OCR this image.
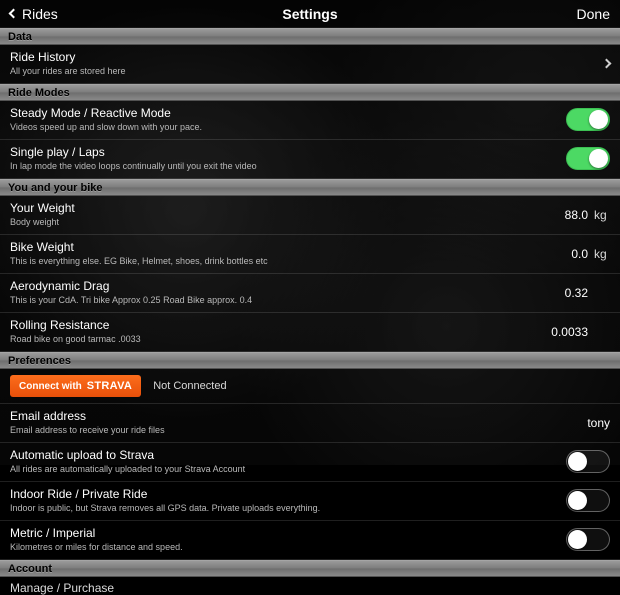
Rides	Settings	Done
Data
Ride History
All your rides are stored here
Ride Modes
Steady Mode / Reactive Mode
Videos speed up and slow down with your pace.
Single play / Laps
In lap mode the video loops continually until you exit the video
You and your bike
Your Weight
Body weight
88.0 kg
Bike Weight
This is everything else. EG Bike, Helmet, shoes, drink bottles etc
0.0 kg
Aerodynamic Drag
This is your CdA. Tri bike Approx 0.25 Road Bike approx. 0.4
0.32
Rolling Resistance
Road bike on good tarmac .0033
0.0033
Preferences
Connect with STRAVA Not Connected
Email address
Email address to receive your ride files
tony
Automatic upload to Strava
All rides are automatically uploaded to your Strava Account
Indoor Ride / Private Ride
Indoor is public, but Strava removes all GPS data. Private uploads everything.
Metric / Imperial
Kilometres or miles for distance and speed.
Account
Manage / Purchase
